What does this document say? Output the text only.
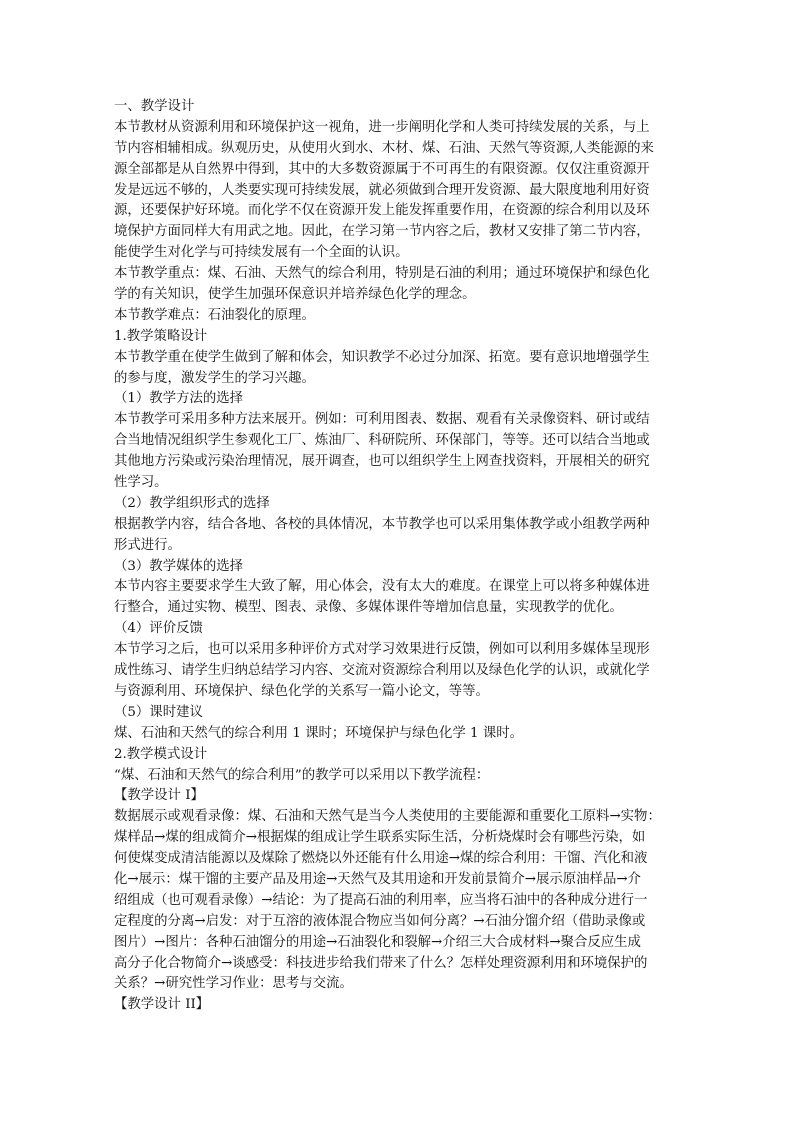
一、教学设计
本节教材从资源利用和环境保护这一视角，进一步阐明化学和人类可持续发展的关系，与上
节内容相辅相成。纵观历史，从使用火到水、木材、煤、石油、天然气等资源,人类能源的来
源全部都是从自然界中得到，其中的大多数资源属于不可再生的有限资源。仅仅注重资源开
发是远远不够的，人类要实现可持续发展，就必须做到合理开发资源、最大限度地利用好资
源，还要保护好环境。而化学不仅在资源开发上能发挥重要作用，在资源的综合利用以及环
境保护方面同样大有用武之地。因此，在学习第一节内容之后，教材又安排了第二节内容，
能使学生对化学与可持续发展有一个全面的认识。
本节教学重点：煤、石油、天然气的综合利用，特别是石油的利用；通过环境保护和绿色化
学的有关知识，使学生加强环保意识并培养绿色化学的理念。
本节教学难点：石油裂化的原理。
1.教学策略设计
本节教学重在使学生做到了解和体会，知识教学不必过分加深、拓宽。要有意识地增强学生
的参与度，激发学生的学习兴趣。
（1）教学方法的选择
本节教学可采用多种方法来展开。例如：可利用图表、数据、观看有关录像资料、研讨或结
合当地情况组织学生参观化工厂、炼油厂、科研院所、环保部门，等等。还可以结合当地或
其他地方污染或污染治理情况，展开调查，也可以组织学生上网查找资料，开展相关的研究
性学习。
（2）教学组织形式的选择
根据教学内容，结合各地、各校的具体情况，本节教学也可以采用集体教学或小组教学两种
形式进行。
（3）教学媒体的选择
本节内容主要要求学生大致了解，用心体会，没有太大的难度。在课堂上可以将多种媒体进
行整合，通过实物、模型、图表、录像、多媒体课件等增加信息量，实现教学的优化。
（4）评价反馈
本节学习之后，也可以采用多种评价方式对学习效果进行反馈，例如可以利用多媒体呈现形
成性练习、请学生归纳总结学习内容、交流对资源综合利用以及绿色化学的认识，或就化学
与资源利用、环境保护、绿色化学的关系写一篇小论文，等等。
（5）课时建议
煤、石油和天然气的综合利用 1 课时；环境保护与绿色化学 1 课时。
2.教学模式设计
“煤、石油和天然气的综合利用”的教学可以采用以下教学流程：
【教学设计 I】
数据展示或观看录像：煤、石油和天然气是当今人类使用的主要能源和重要化工原料→实物：
煤样品→煤的组成简介→根据煤的组成让学生联系实际生活，分析烧煤时会有哪些污染，如
何使煤变成清洁能源以及煤除了燃烧以外还能有什么用途→煤的综合利用：干馏、汽化和液
化→展示：煤干馏的主要产品及用途→天然气及其用途和开发前景简介→展示原油样品→介
绍组成（也可观看录像）→结论：为了提高石油的利用率，应当将石油中的各种成分进行一
定程度的分离→启发：对于互溶的液体混合物应当如何分离？→石油分馏介绍（借助录像或
图片）→图片：各种石油馏分的用途→石油裂化和裂解→介绍三大合成材料→聚合反应生成
高分子化合物简介→谈感受：科技进步给我们带来了什么？怎样处理资源利用和环境保护的
关系？→研究性学习作业：思考与交流。
【教学设计 II】
